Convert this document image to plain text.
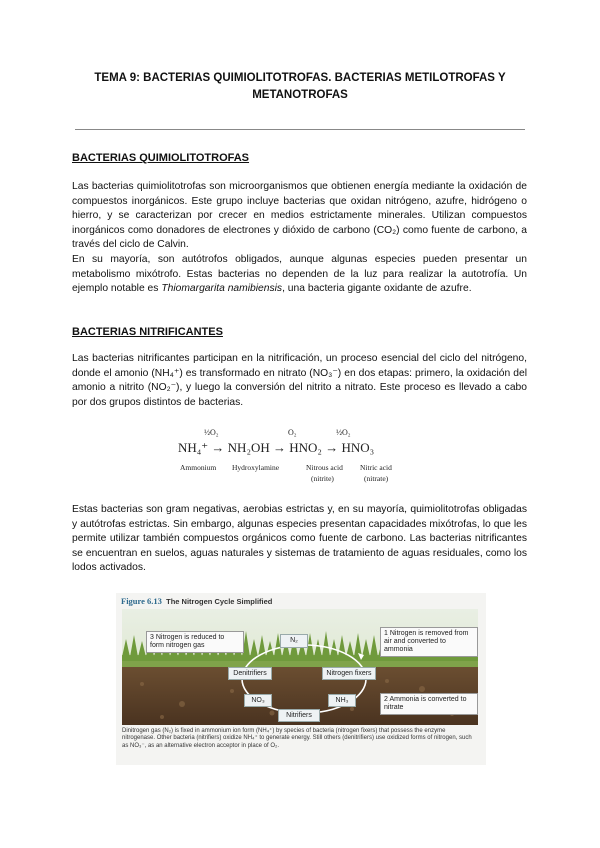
TEMA 9: BACTERIAS QUIMIOLITOTROFAS. BACTERIAS METILOTROFAS Y METANOTROFAS
BACTERIAS QUIMIOLITOTROFAS
Las bacterias quimiolitotrofas son microorganismos que obtienen energía mediante la oxidación de compuestos inorgánicos. Este grupo incluye bacterias que oxidan nitrógeno, azufre, hidrógeno o hierro, y se caracterizan por crecer en medios estrictamente minerales. Utilizan compuestos inorgánicos como donadores de electrones y dióxido de carbono (CO₂) como fuente de carbono, a través del ciclo de Calvin.
En su mayoría, son autótrofos obligados, aunque algunas especies pueden presentar un metabolismo mixótrofo. Estas bacterias no dependen de la luz para realizar la autotrofía. Un ejemplo notable es Thiomargarita namibiensis, una bacteria gigante oxidante de azufre.
BACTERIAS NITRIFICANTES
Las bacterias nitrificantes participan en la nitrificación, un proceso esencial del ciclo del nitrógeno, donde el amonio (NH₄⁺) es transformado en nitrato (NO₃⁻) en dos etapas: primero, la oxidación del amonio a nitrito (NO₂⁻), y luego la conversión del nitrito a nitrato. Este proceso es llevado a cabo por dos grupos distintos de bacterias.
½O₂	O₂	½O₂
NH₄⁺ → NH₂OH → HNO₂ → HNO₃
Ammonium Hydroxylamine	Nitrous acid Nitric acid
(nitrite)	(nitrate)
Estas bacterias son gram negativas, aerobias estrictas y, en su mayoría, quimiolitotrofas obligadas y autótrofas estrictas. Sin embargo, algunas especies presentan capacidades mixótrofas, lo que les permite utilizar también compuestos orgánicos como fuente de carbono. Las bacterias nitrificantes se encuentran en suelos, aguas naturales y sistemas de tratamiento de aguas residuales, como los lodos activados.
Figure 6.13 The Nitrogen Cycle Simplified
N₂
Denitrifiers	Nitrogen fixers
NO₃	NH₃
Nitrifiers
3 Nitrogen is reduced to form nitrogen gas
1 Nitrogen is removed from air and converted to ammonia
2 Ammonia is converted to nitrate
Dinitrogen gas (N₂) is fixed in ammonium ion form (NH₄⁺) by species of bacteria (nitrogen fixers) that possess the enzyme nitrogenase. Other bacteria (nitrifiers) oxidize NH₄⁺ to generate energy. Still others (denitrifiers) use oxidized forms of nitrogen, such as NO₃⁻, as an alternative electron acceptor in place of O₂.
